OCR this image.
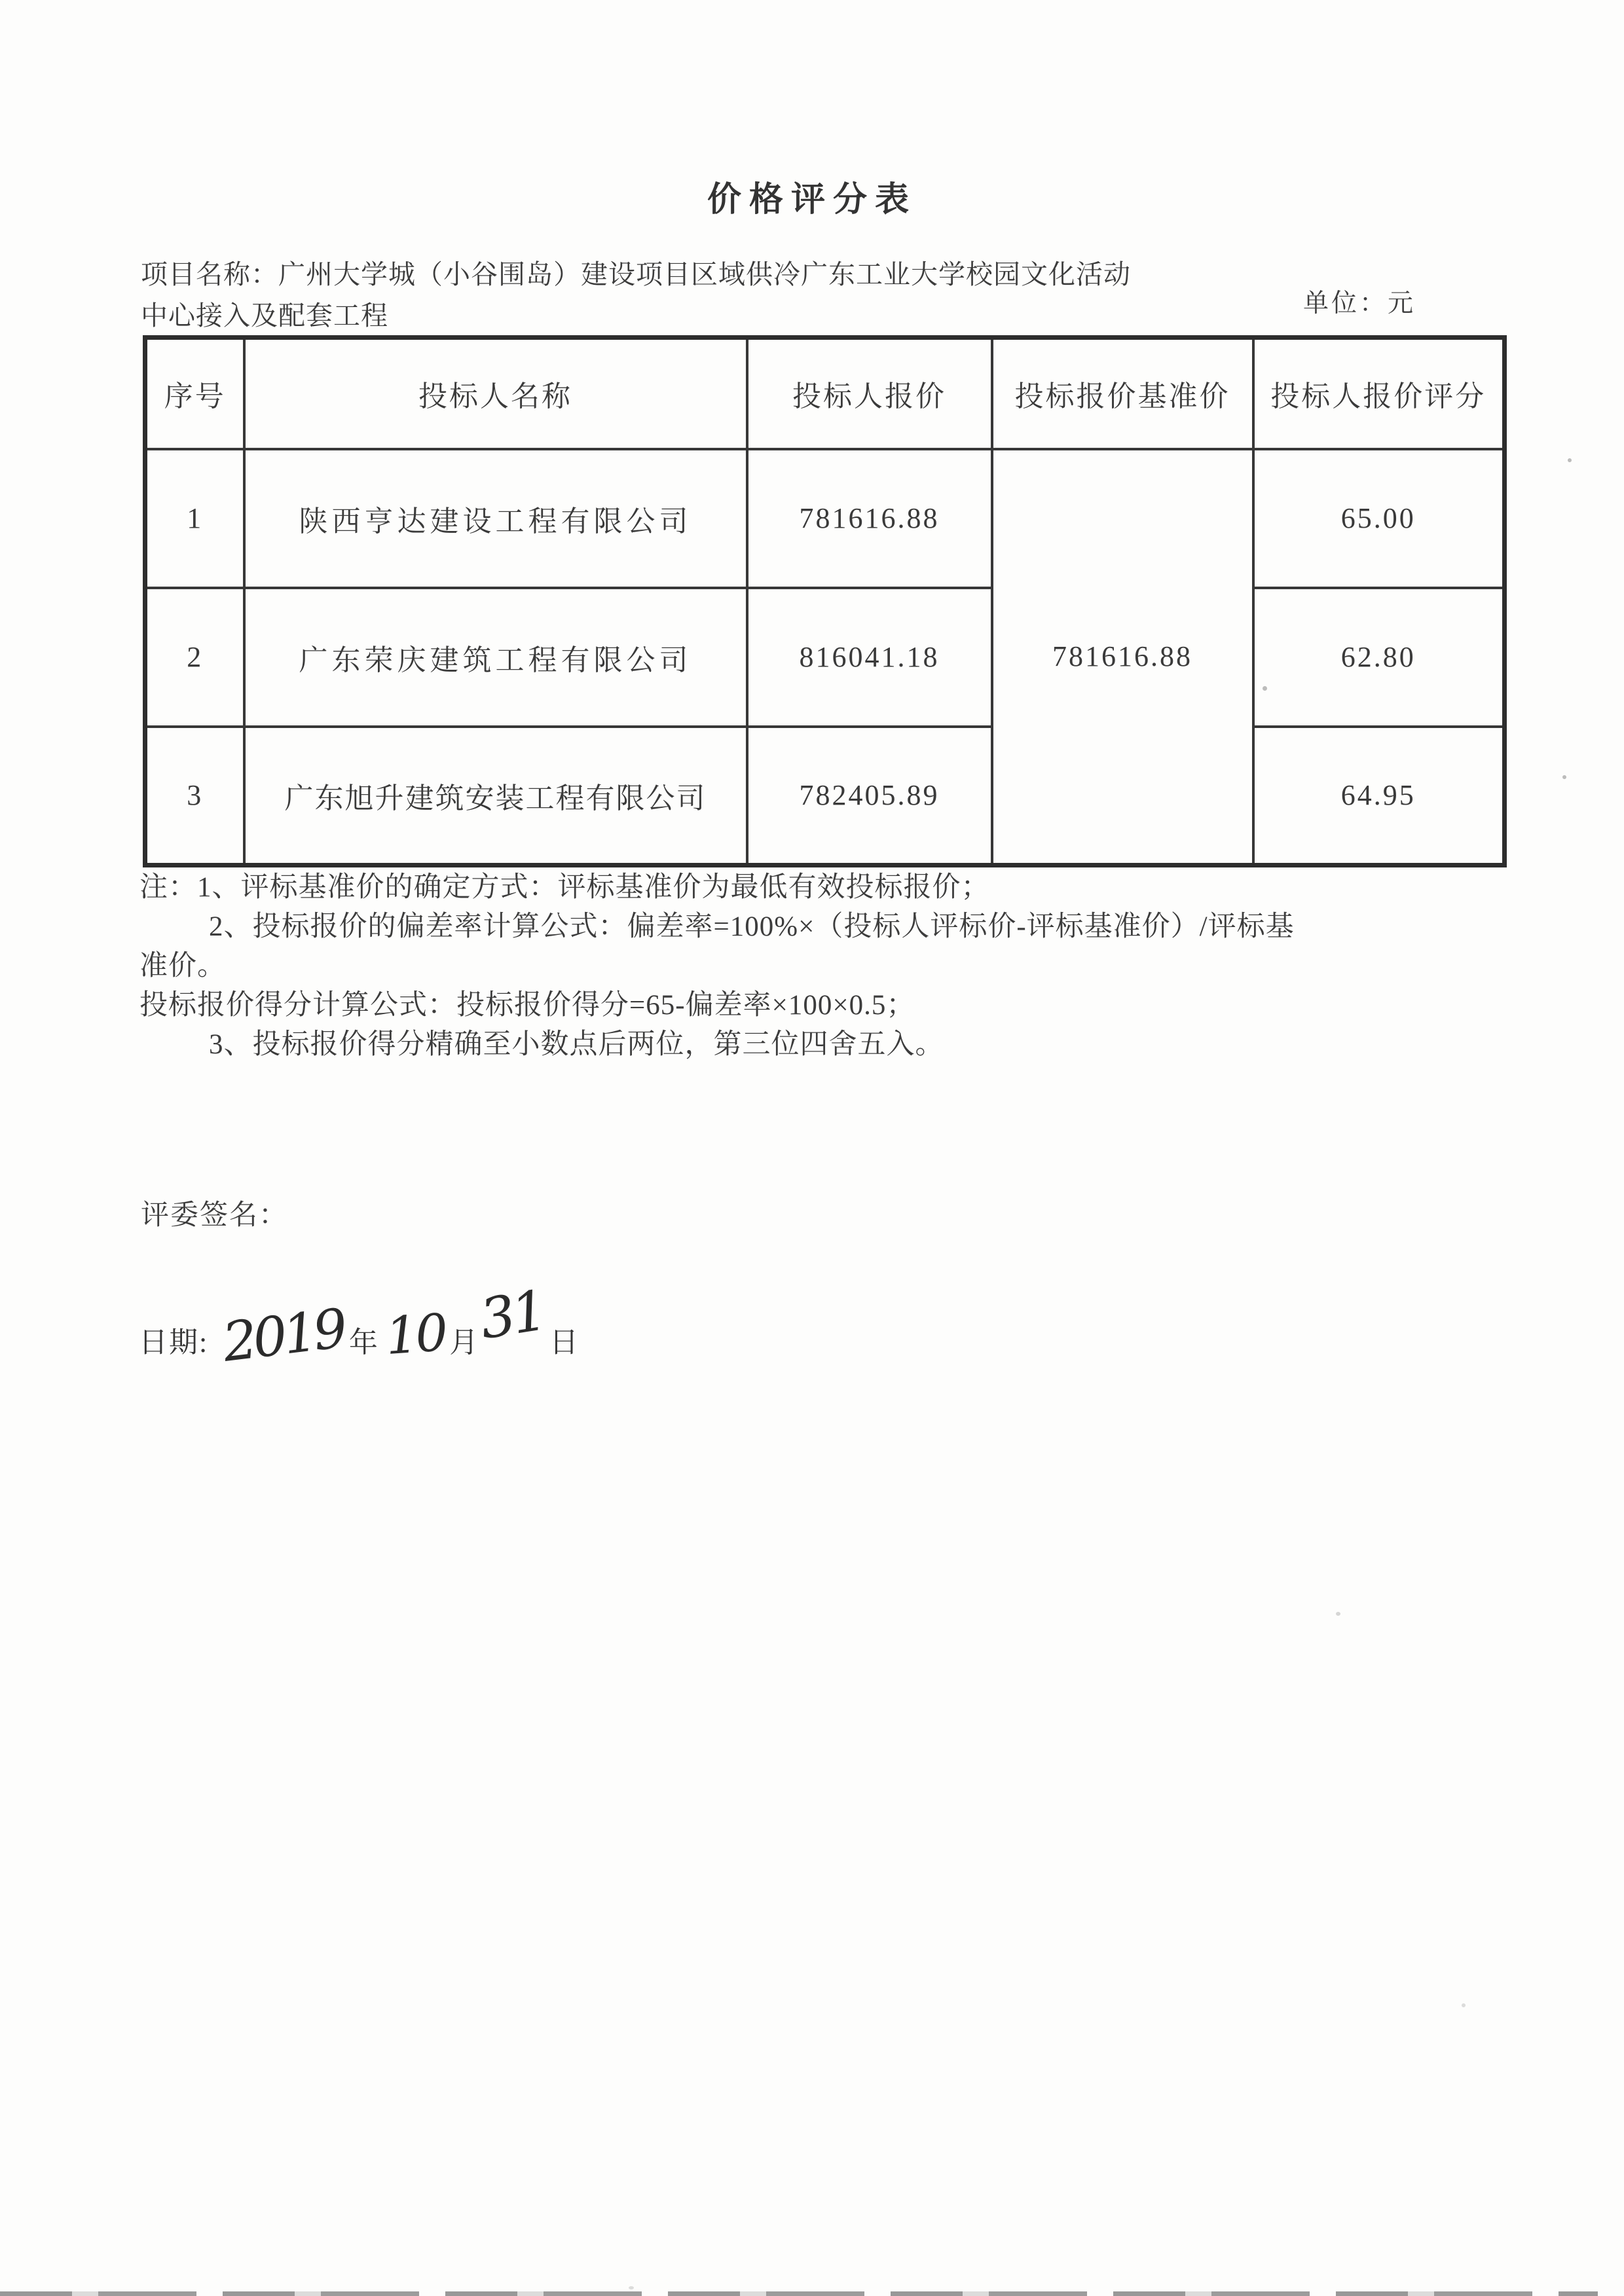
价格评分表
项目名称：广州大学城（小谷围岛）建设项目区域供冷广东工业大学校园文化活动
中心接入及配套工程	单位：元
序号	投标人名称	投标人报价	投标报价基准价	投标人报价评分
1	陕西亨达建设工程有限公司	781616.88	781616.88	65.00
2	广东荣庆建筑工程有限公司	816041.18		62.80
3	广东旭升建筑安装工程有限公司	782405.89		64.95
注：1、评标基准价的确定方式：评标基准价为最低有效投标报价；
2、投标报价的偏差率计算公式：偏差率=100%×（投标人评标价-评标基准价）/评标基
准价。
投标报价得分计算公式：投标报价得分=65-偏差率×100×0.5；
3、投标报价得分精确至小数点后两位，第三位四舍五入。
评委签名：
日期: 2019 年 10 月
31 日
